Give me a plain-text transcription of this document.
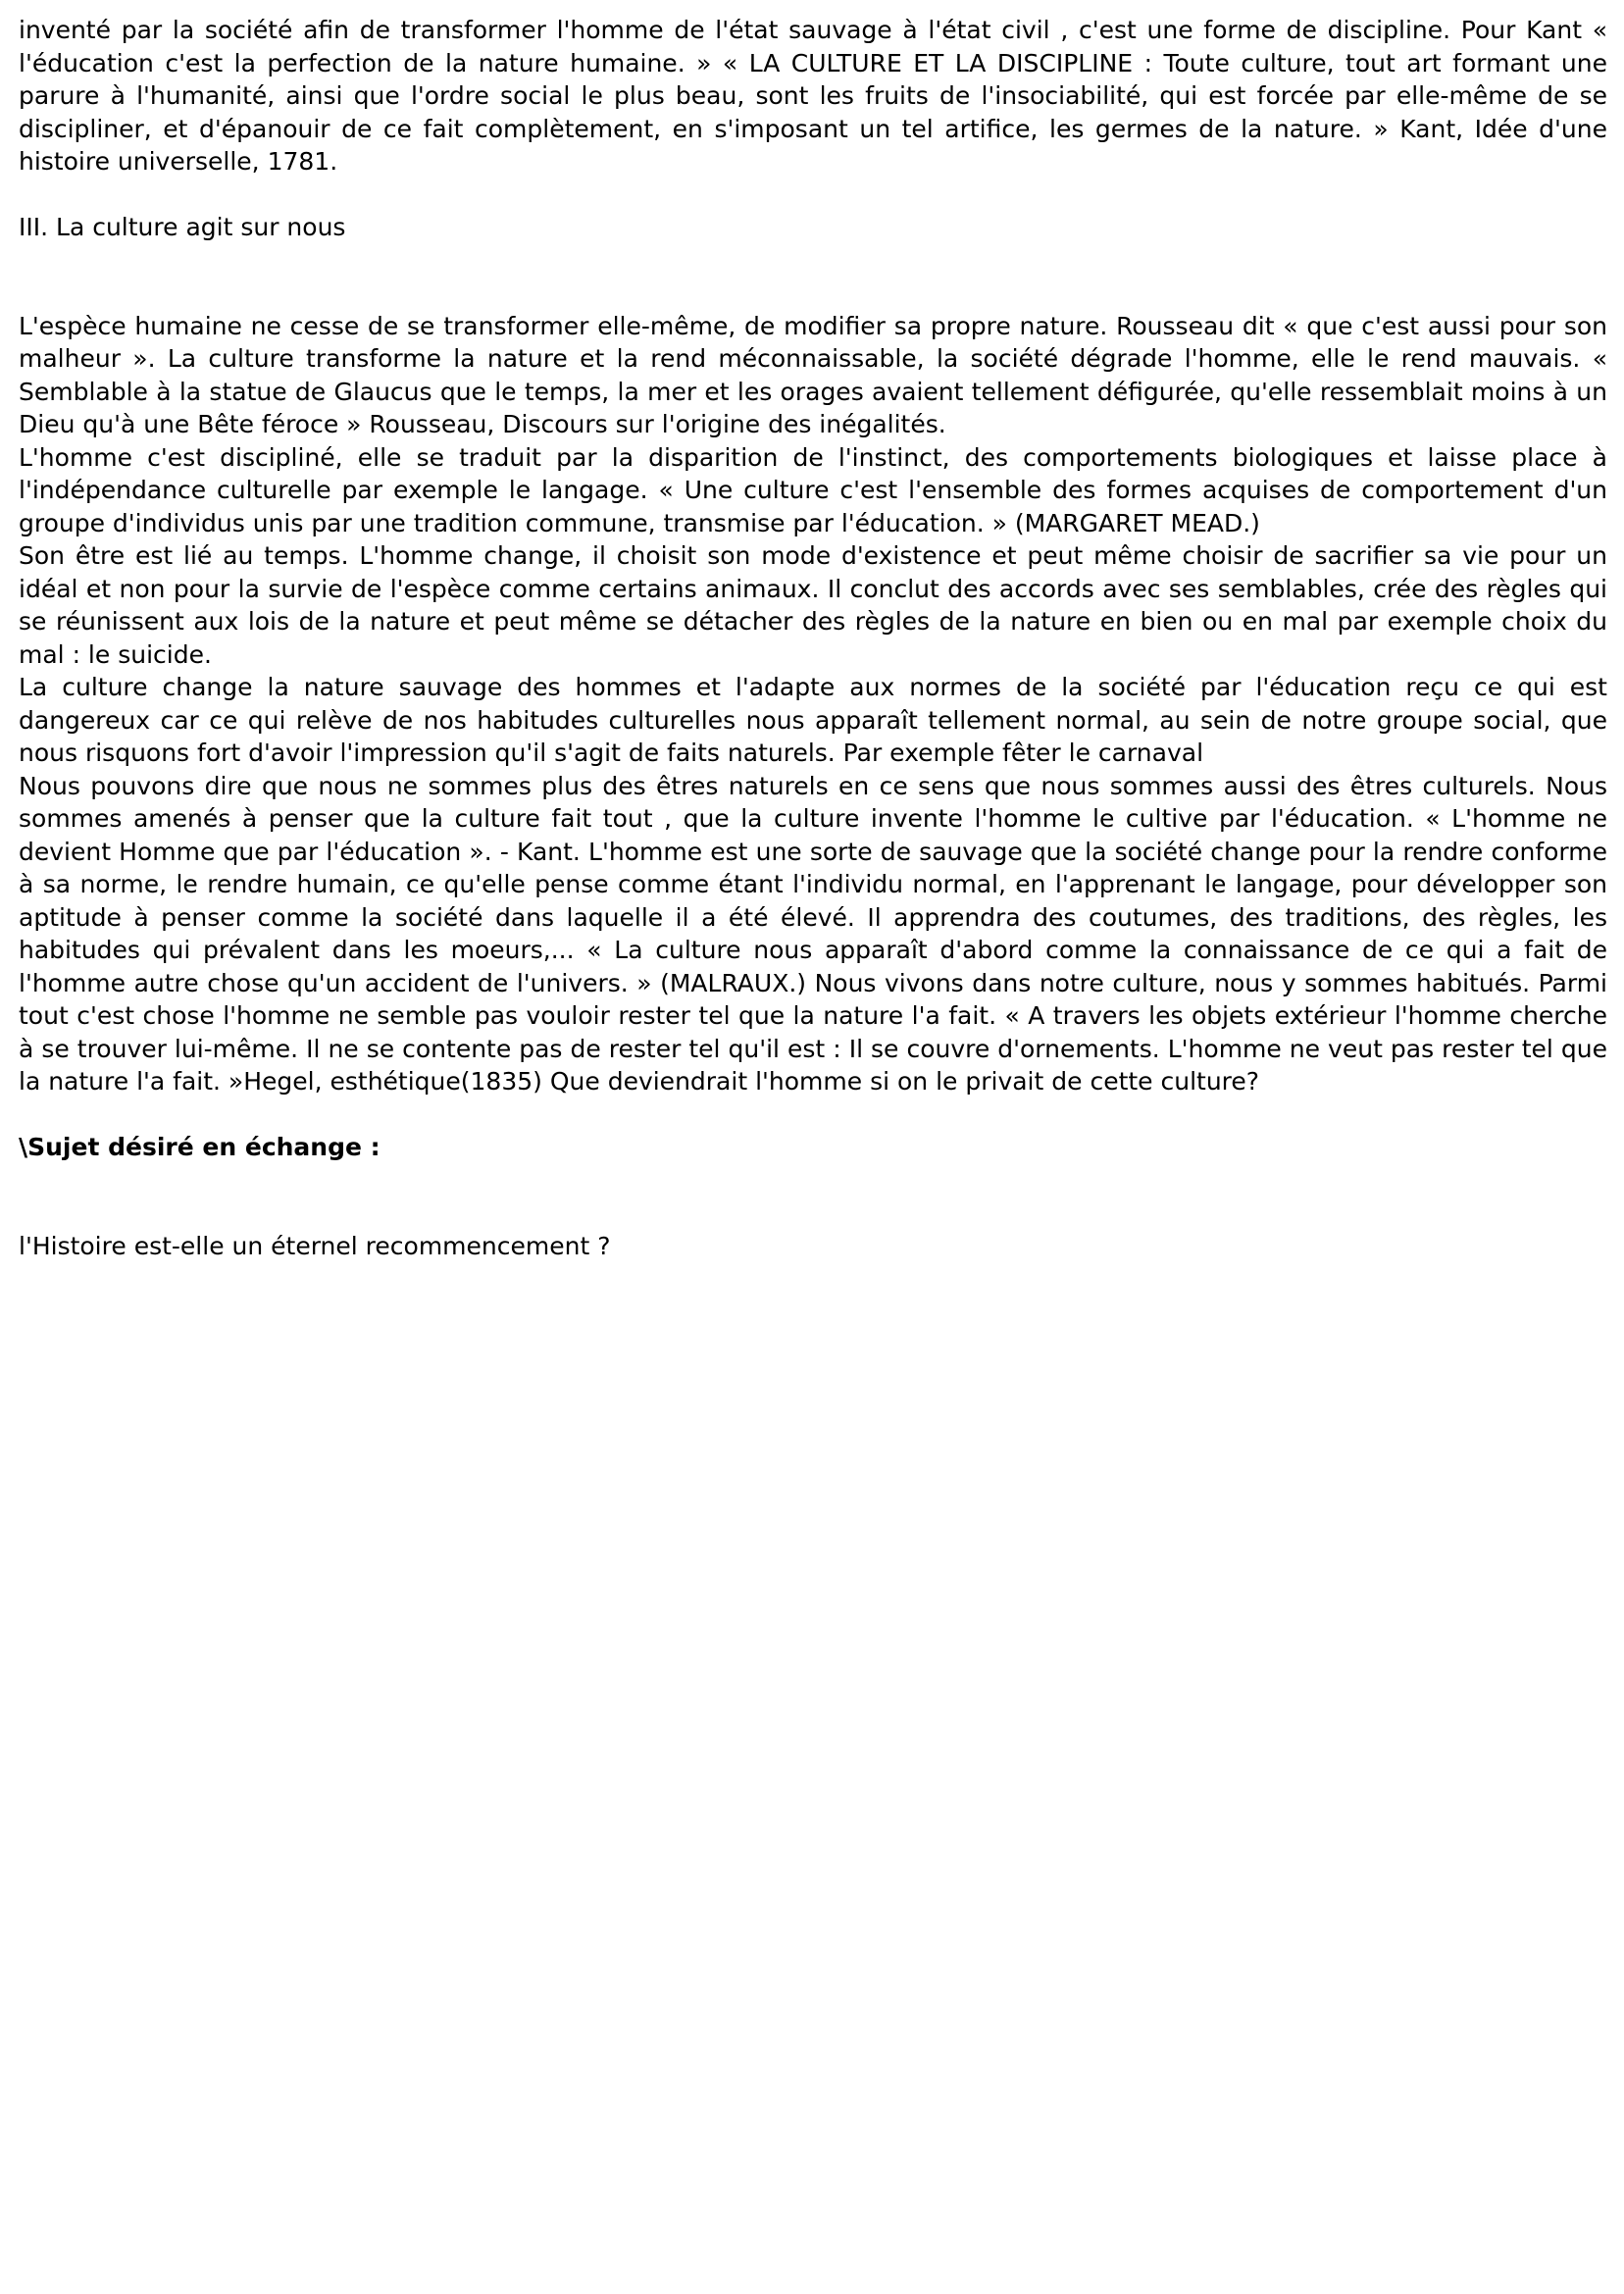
inventé par la société afin de transformer l'homme de l'état sauvage à l'état civil , c'est une forme de discipline. Pour Kant « l'éducation c'est la perfection de la nature humaine. » « LA CULTURE ET LA DISCIPLINE : Toute culture, tout art formant une parure à l'humanité, ainsi que l'ordre social le plus beau, sont les fruits de l'insociabilité, qui est forcée par elle-même de se discipliner, et d'épanouir de ce fait complètement, en s'imposant un tel artifice, les germes de la nature. » Kant, Idée d'une histoire universelle, 1781.

III. La culture agit sur nous

L'espèce humaine ne cesse de se transformer elle-même, de modifier sa propre nature. Rousseau dit « que c'est aussi pour son malheur ». La culture transforme la nature et la rend méconnaissable, la société dégrade l'homme, elle le rend mauvais. « Semblable à la statue de Glaucus que le temps, la mer et les orages avaient tellement défigurée, qu'elle ressemblait moins à un Dieu qu'à une Bête féroce » Rousseau, Discours sur l'origine des inégalités.

L'homme c'est discipliné, elle se traduit par la disparition de l'instinct, des comportements biologiques et laisse place à l'indépendance culturelle par exemple le langage. « Une culture c'est l'ensemble des formes acquises de comportement d'un groupe d'individus unis par une tradition commune, transmise par l'éducation. » (MARGARET MEAD.)

Son être est lié au temps. L'homme change, il choisit son mode d'existence et peut même choisir de sacrifier sa vie pour un idéal et non pour la survie de l'espèce comme certains animaux. Il conclut des accords avec ses semblables, crée des règles qui se réunissent aux lois de la nature et peut même se détacher des règles de la nature en bien ou en mal par exemple choix du mal : le suicide.

La culture change la nature sauvage des hommes et l'adapte aux normes de la société par l'éducation reçu ce qui est dangereux car ce qui relève de nos habitudes culturelles nous apparaît tellement normal, au sein de notre groupe social, que nous risquons fort d'avoir l'impression qu'il s'agit de faits naturels. Par exemple fêter le carnaval

Nous pouvons dire que nous ne sommes plus des êtres naturels en ce sens que nous sommes aussi des êtres culturels. Nous sommes amenés à penser que la culture fait tout , que la culture invente l'homme le cultive par l'éducation. « L'homme ne devient Homme que par l'éducation ». - Kant. L'homme est une sorte de sauvage que la société change pour la rendre conforme à sa norme, le rendre humain, ce qu'elle pense comme étant l'individu normal, en l'apprenant le langage, pour développer son aptitude à penser comme la société dans laquelle il a été élevé. Il apprendra des coutumes, des traditions, des règles, les habitudes qui prévalent dans les moeurs,... « La culture nous apparaît d'abord comme la connaissance de ce qui a fait de l'homme autre chose qu'un accident de l'univers. » (MALRAUX.) Nous vivons dans notre culture, nous y sommes habitués. Parmi tout c'est chose l'homme ne semble pas vouloir rester tel que la nature l'a fait. « A travers les objets extérieur l'homme cherche à se trouver lui-même. Il ne se contente pas de rester tel qu'il est : Il se couvre d'ornements. L'homme ne veut pas rester tel que la nature l'a fait. »Hegel, esthétique(1835) Que deviendrait l'homme si on le privait de cette culture?

\Sujet désiré en échange :

l'Histoire est-elle un éternel recommencement ?
